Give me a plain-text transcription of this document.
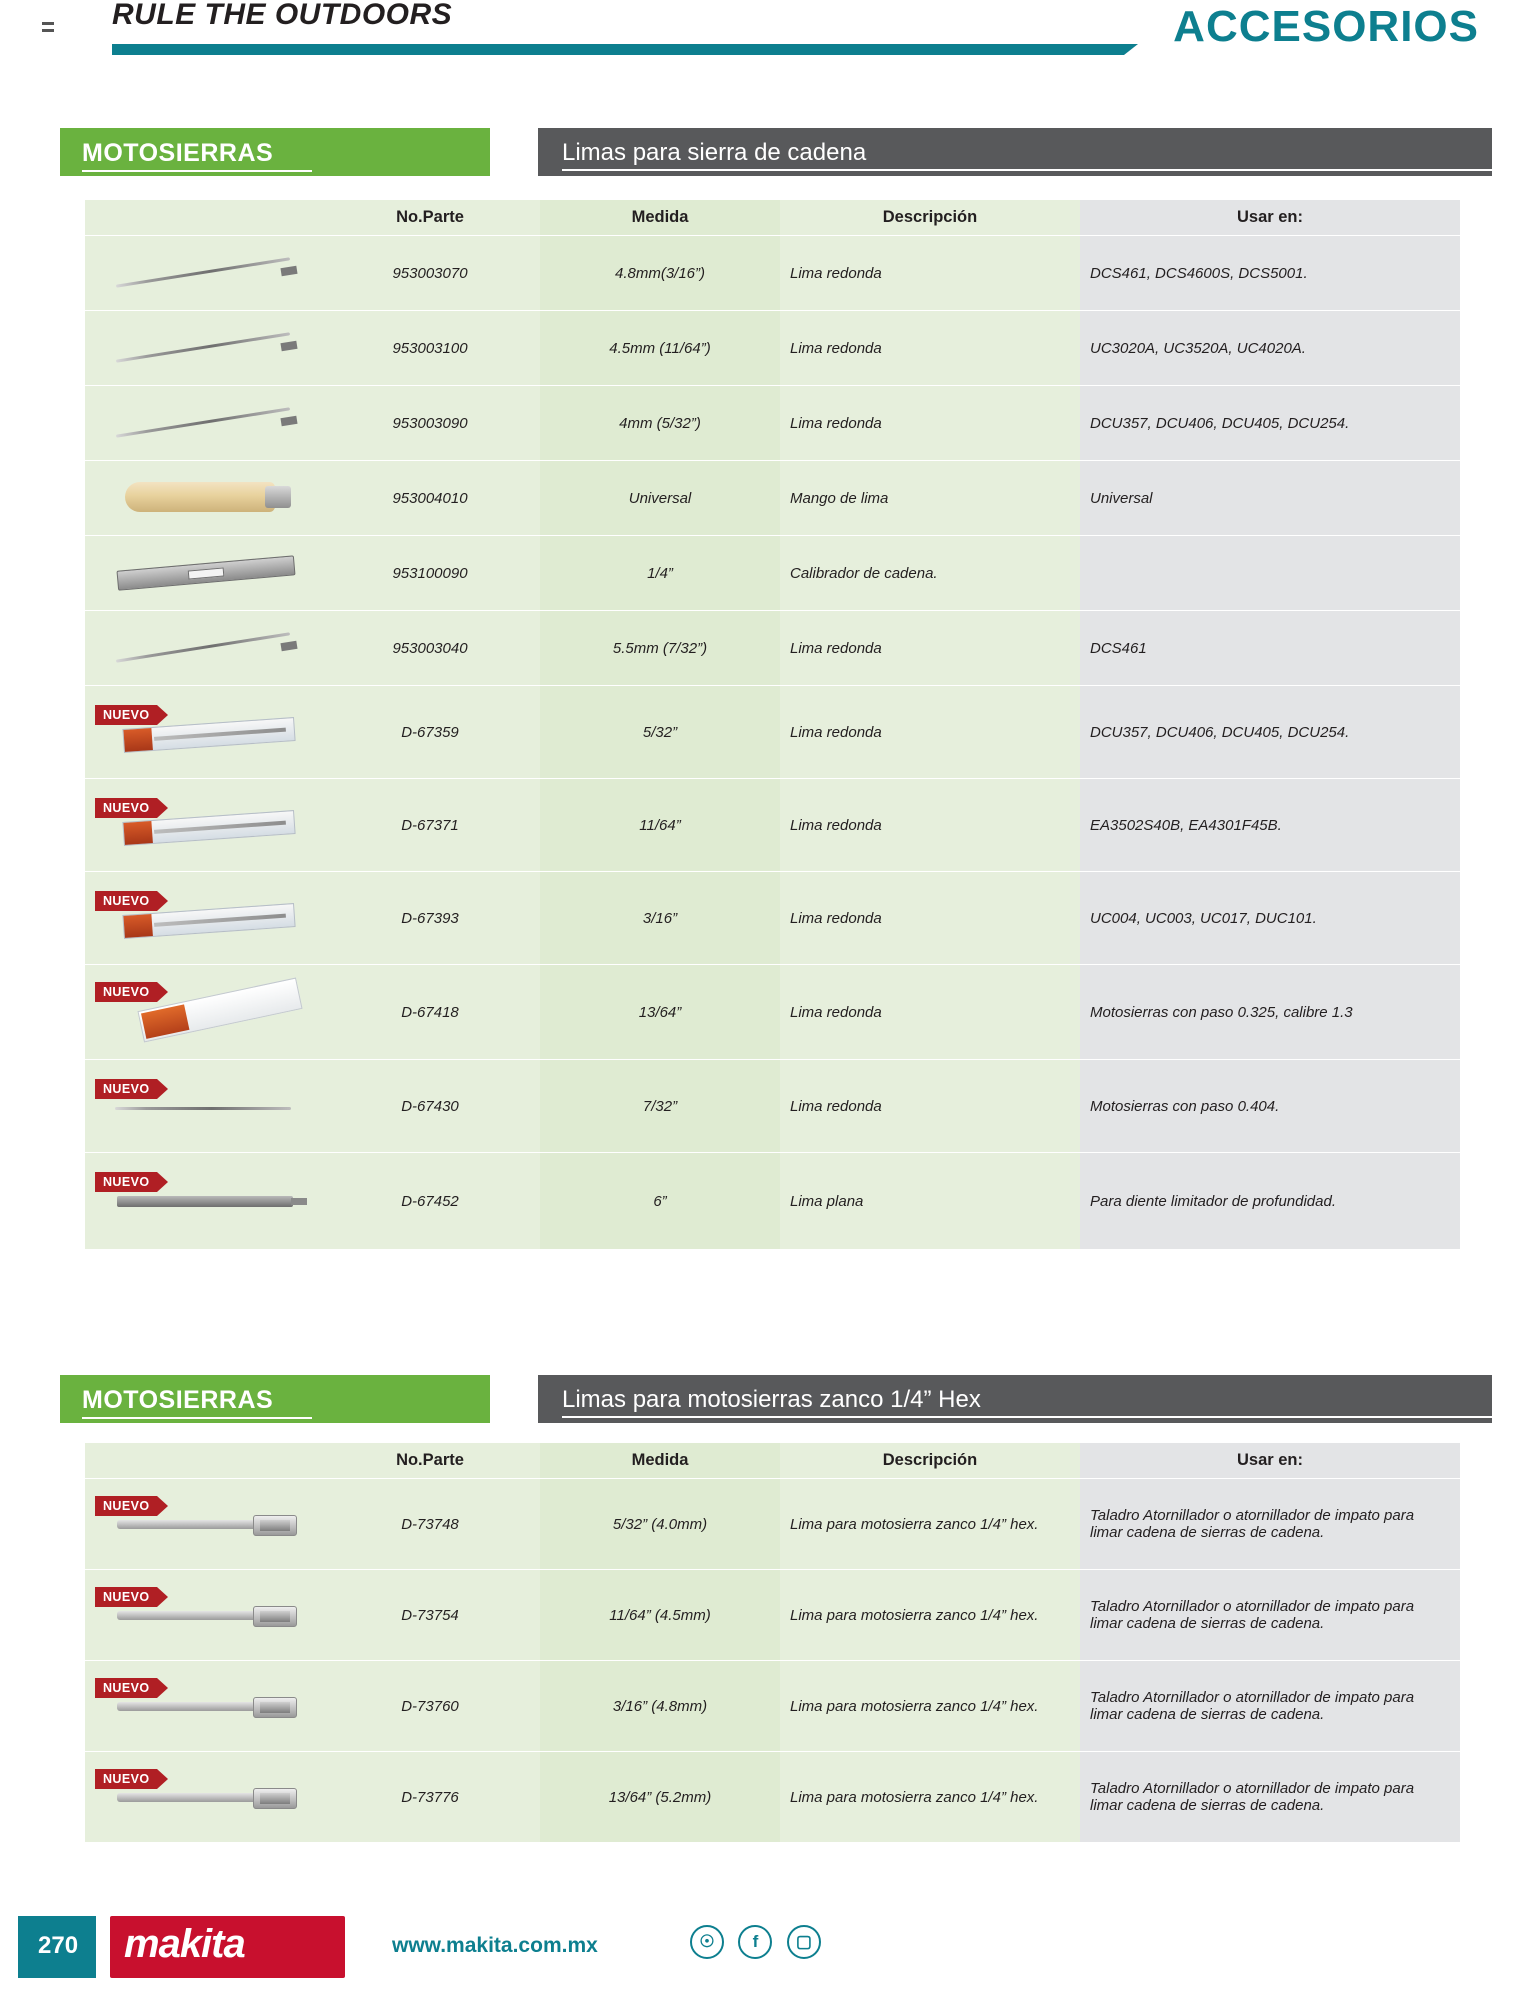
RULE THE OUTDOORS	ACCESORIOS
MOTOSIERRAS	Limas para sierra de cadena
	No.Parte	Medida	Descripción	Usar en:

	953003070	4.8mm(3/16”)	Lima redonda	DCS461, DCS4600S, DCS5001.

	953003100	4.5mm (11/64”)	Lima redonda	UC3020A, UC3520A, UC4020A.

	953003090	4mm (5/32”)	Lima redonda	DCU357, DCU406, DCU405, DCU254.

	953004010	Universal	Mango de lima	Universal

	953100090	1/4”	Calibrador de cadena.	

	953003040	5.5mm (7/32”)	Lima redonda	DCS461

NUEVO	D-67359	5/32”	Lima redonda	DCU357, DCU406, DCU405, DCU254.

NUEVO	D-67371	11/64”	Lima redonda	EA3502S40B, EA4301F45B.

NUEVO	D-67393	3/16”	Lima redonda	UC004, UC003, UC017, DUC101.

NUEVO	D-67418	13/64”	Lima redonda	Motosierras con paso 0.325, calibre 1.3

NUEVO	D-67430	7/32”	Lima redonda	Motosierras con paso 0.404.

NUEVO	D-67452	6”	Lima plana	Para diente limitador de profundidad.
MOTOSIERRAS	Limas para motosierras zanco 1/4” Hex
	No.Parte	Medida	Descripción	Usar en:

NUEVO	D-73748	5/32” (4.0mm)	Lima para motosierra zanco 1/4” hex.	Taladro Atornillador o atornillador de impato para limar cadena de sierras de cadena.

NUEVO	D-73754	11/64” (4.5mm)	Lima para motosierra zanco 1/4” hex.	Taladro Atornillador o atornillador de impato para limar cadena de sierras de cadena.

NUEVO	D-73760	3/16” (4.8mm)	Lima para motosierra zanco 1/4” hex.	Taladro Atornillador o atornillador de impato para limar cadena de sierras de cadena.

NUEVO	D-73776	13/64” (5.2mm)	Lima para motosierra zanco 1/4” hex.	Taladro Atornillador o atornillador de impato para limar cadena de sierras de cadena.
270 makita	www.makita.com.mx	☉
	f
	▢
